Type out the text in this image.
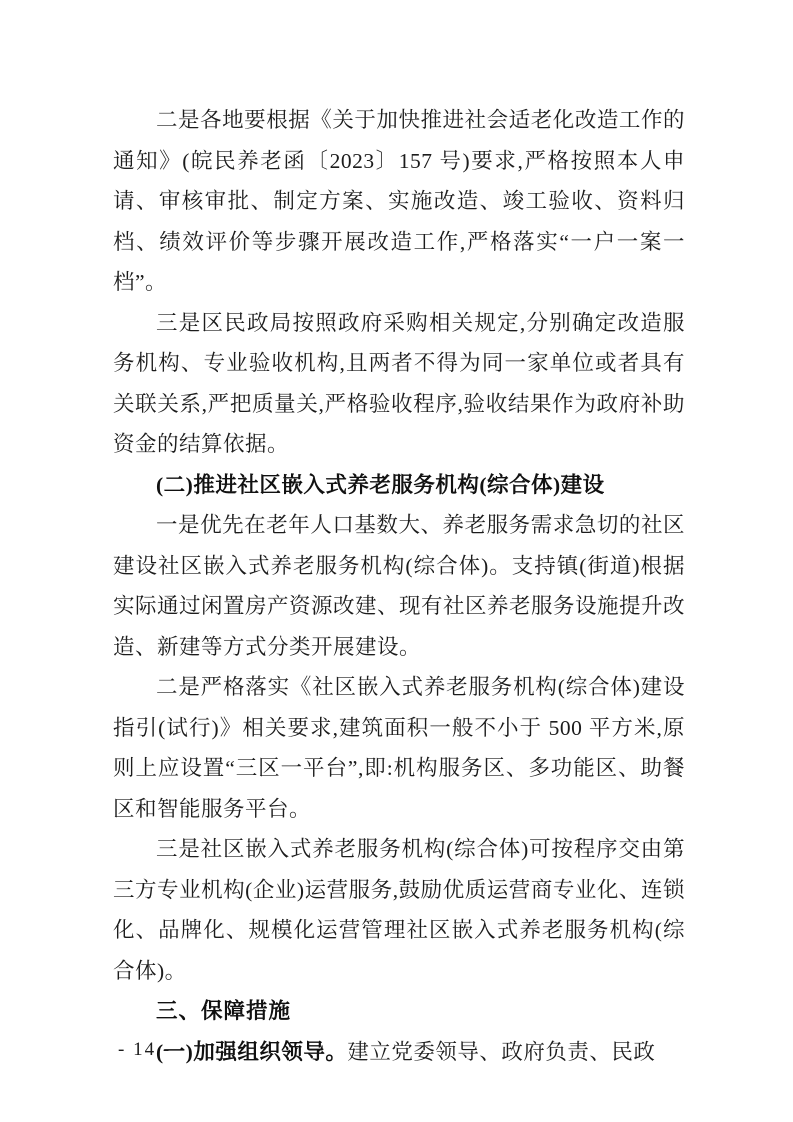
二是各地要根据《关于加快推进社会适老化改造工作的通知》(皖民养老函〔2023〕157 号)要求,严格按照本人申请、审核审批、制定方案、实施改造、竣工验收、资料归档、绩效评价等步骤开展改造工作,严格落实“一户一案一档”。

三是区民政局按照政府采购相关规定,分别确定改造服务机构、专业验收机构,且两者不得为同一家单位或者具有关联关系,严把质量关,严格验收程序,验收结果作为政府补助资金的结算依据。

(二)推进社区嵌入式养老服务机构(综合体)建设

一是优先在老年人口基数大、养老服务需求急切的社区建设社区嵌入式养老服务机构(综合体)。支持镇(街道)根据实际通过闲置房产资源改建、现有社区养老服务设施提升改造、新建等方式分类开展建设。

二是严格落实《社区嵌入式养老服务机构(综合体)建设指引(试行)》相关要求,建筑面积一般不小于 500 平方米,原则上应设置“三区一平台”,即:机构服务区、多功能区、助餐区和智能服务平台。

三是社区嵌入式养老服务机构(综合体)可按程序交由第三方专业机构(企业)运营服务,鼓励优质运营商专业化、连锁化、品牌化、规模化运营管理社区嵌入式养老服务机构(综合体)。

三、保障措施

(一)加强组织领导。建立党委领导、政府负责、民政

- 14 -
